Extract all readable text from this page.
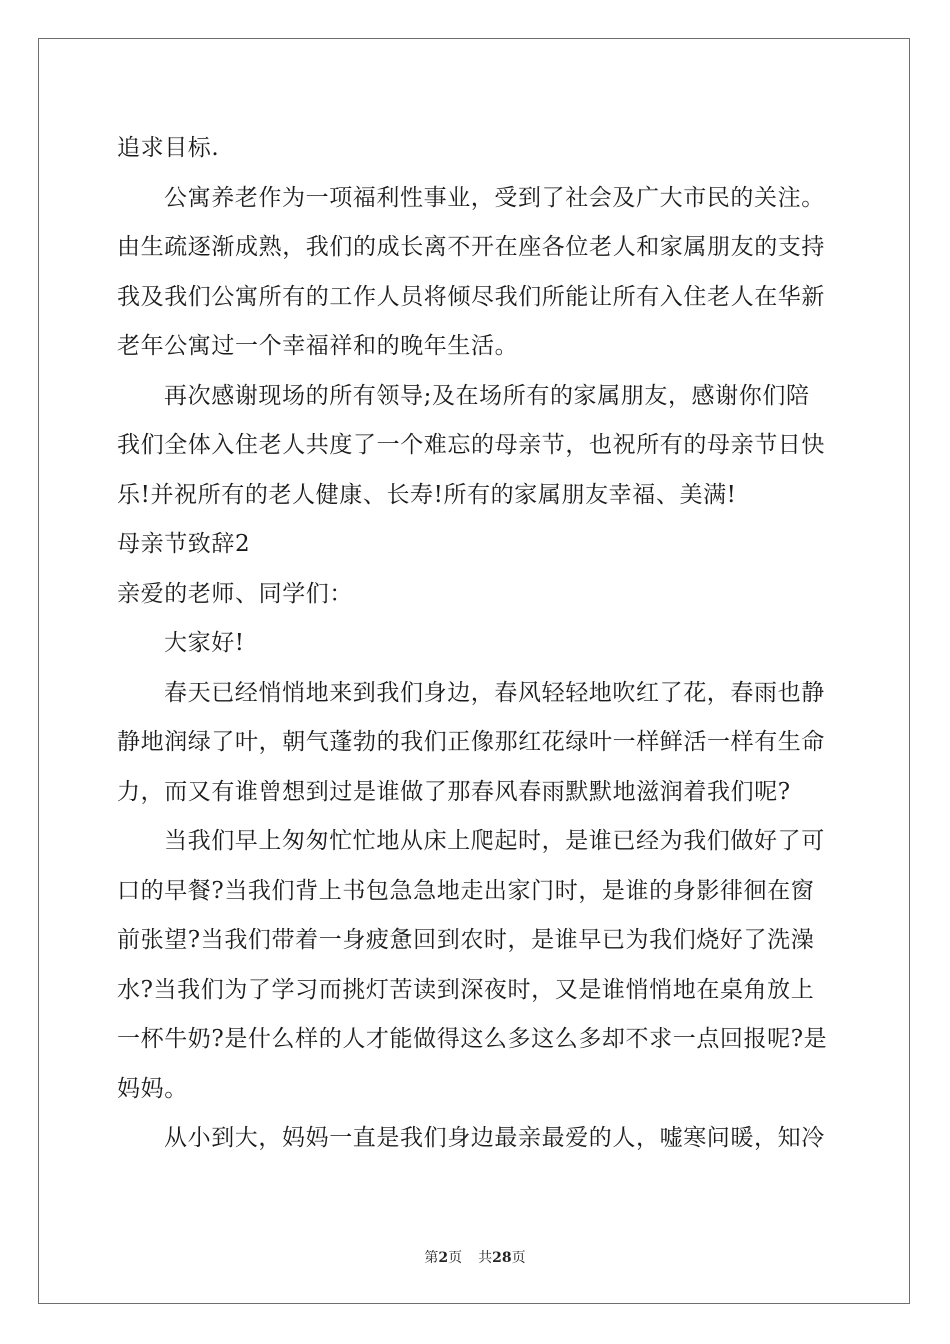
追求目标.
公寓养老作为一项福利性事业，受到了社会及广大市民的关注。
由生疏逐渐成熟，我们的成长离不开在座各位老人和家属朋友的支持
我及我们公寓所有的工作人员将倾尽我们所能让所有入住老人在华新
老年公寓过一个幸福祥和的晚年生活。
再次感谢现场的所有领导;及在场所有的家属朋友，感谢你们陪
我们全体入住老人共度了一个难忘的母亲节，也祝所有的母亲节日快
乐!并祝所有的老人健康、长寿!所有的家属朋友幸福、美满!
母亲节致辞2
亲爱的老师、同学们：
大家好!
春天已经悄悄地来到我们身边，春风轻轻地吹红了花，春雨也静
静地润绿了叶，朝气蓬勃的我们正像那红花绿叶一样鲜活一样有生命
力，而又有谁曾想到过是谁做了那春风春雨默默地滋润着我们呢?
当我们早上匆匆忙忙地从床上爬起时，是谁已经为我们做好了可
口的早餐?当我们背上书包急急地走出家门时，是谁的身影徘徊在窗
前张望?当我们带着一身疲惫回到农时，是谁早已为我们烧好了洗澡
水?当我们为了学习而挑灯苦读到深夜时，又是谁悄悄地在桌角放上
一杯牛奶?是什么样的人才能做得这么多这么多却不求一点回报呢?是
妈妈。
从小到大，妈妈一直是我们身边最亲最爱的人，嘘寒问暖，知冷
第2页 共28页
